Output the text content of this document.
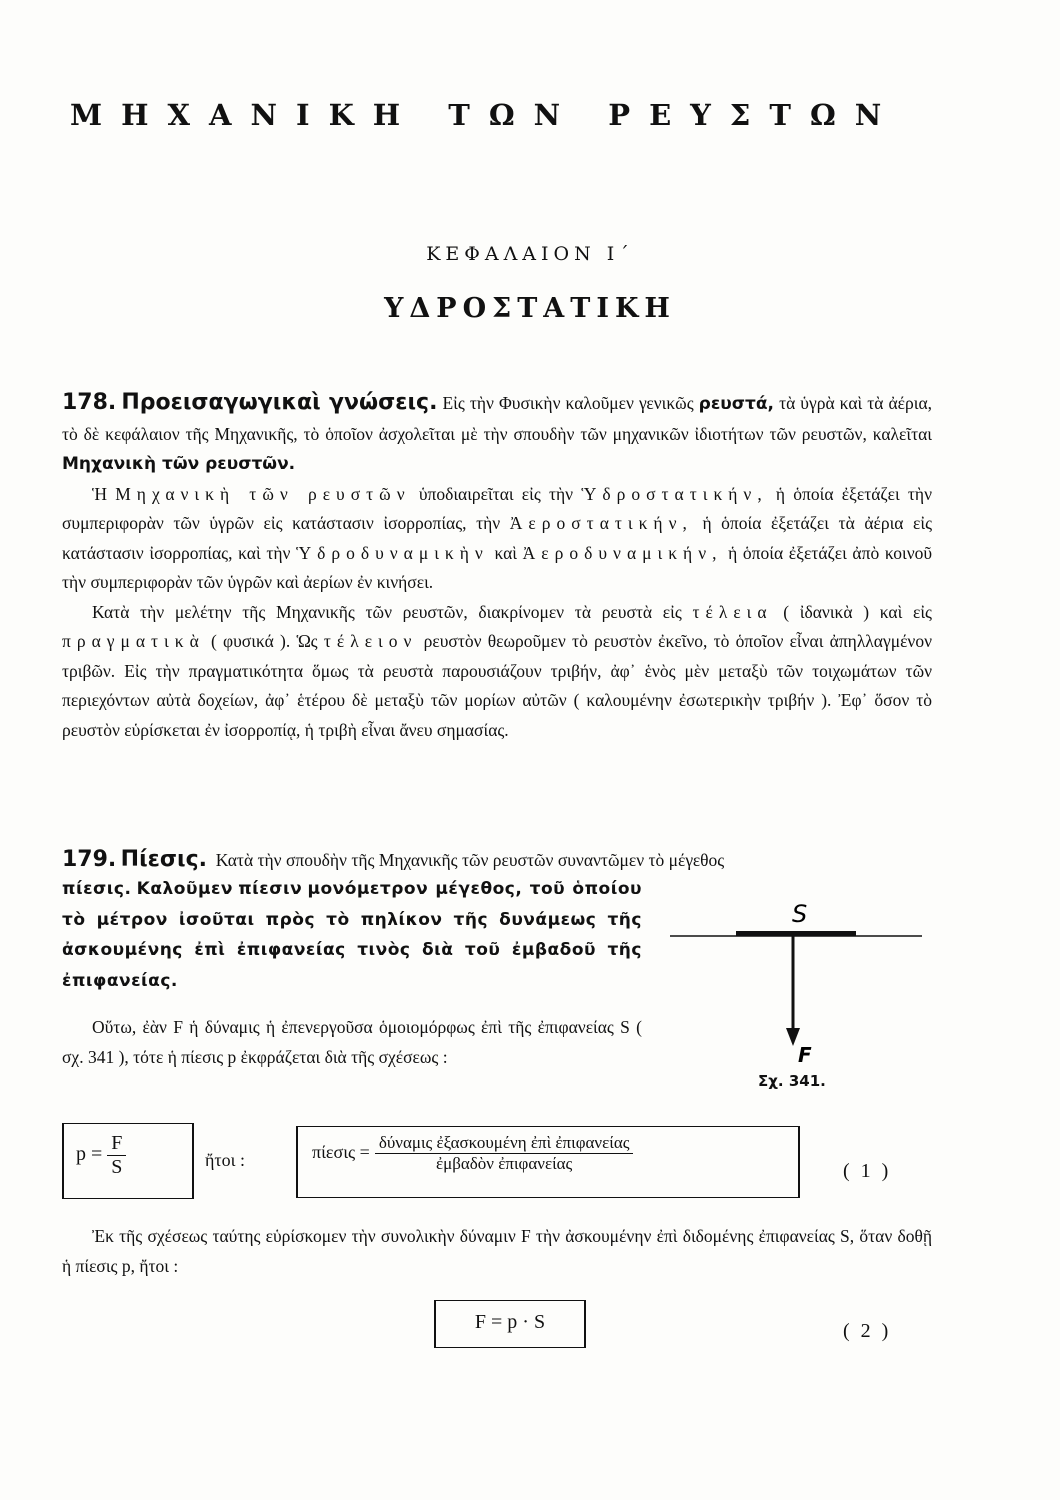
ΜΗΧΑΝΙΚΗ ΤΩΝ ΡΕΥΣΤΩΝ
ΚΕΦΑΛΑΙΟΝ Ι΄
ΥΔΡΟΣΤΑΤΙΚΗ

178. Προεισαγωγικαὶ γνώσεις. Εἰς τὴν Φυσικὴν καλοῦμεν γενικῶς ρευστά, τὰ ὑγρὰ καὶ τὰ ἀέρια, τὸ δὲ κεφάλαιον τῆς Μηχανικῆς, τὸ ὁποῖον ἀσχολεῖται μὲ τὴν σπουδὴν τῶν μηχανικῶν ἰδιοτήτων τῶν ρευστῶν, καλεῖται Μηχανικὴ τῶν ρευστῶν.

Ἡ Μηχανικὴ τῶν ρευστῶν ὑποδιαιρεῖται εἰς τὴν Ὑδροστατικήν, ἡ ὁποία ἐξετάζει τὴν συμπεριφορὰν τῶν ὑγρῶν εἰς κατάστασιν ἰσορροπίας, τὴν Ἀεροστατικήν, ἡ ὁποία ἐξετάζει τὰ ἀέρια εἰς κατάστασιν ἰσορροπίας, καὶ τὴν Ὑδροδυναμικὴν καὶ Ἀεροδυναμικήν, ἡ ὁποία ἐξετάζει ἀπὸ κοινοῦ τὴν συμπεριφορὰν τῶν ὑγρῶν καὶ ἀερίων ἐν κινήσει.

Κατὰ τὴν μελέτην τῆς Μηχανικῆς τῶν ρευστῶν, διακρίνομεν τὰ ρευστὰ εἰς τέλεια ( ἰδανικὰ ) καὶ εἰς πραγματικὰ ( φυσικά ). Ὡς τέλειον ρευστὸν θεωροῦμεν τὸ ρευστὸν ἐκεῖνο, τὸ ὁποῖον εἶναι ἀπηλλαγμένον τριβῶν. Εἰς τὴν πραγματικότητα ὅμως τὰ ρευστὰ παρουσιάζουν τριβήν, ἀφ᾽ ἑνὸς μὲν μεταξὺ τῶν τοιχωμάτων τῶν περιεχόντων αὐτὰ δοχείων, ἀφ᾽ ἑτέρου δὲ μεταξὺ τῶν μορίων αὐτῶν ( καλουμένην ἐσωτερικὴν τριβήν ). Ἐφ᾽ ὅσον τὸ ρευστὸν εὑρίσκεται ἐν ἰσορροπίᾳ, ἡ τριβὴ εἶναι ἄνευ σημασίας.

179. Πίεσις. Κατὰ τὴν σπουδὴν τῆς Μηχανικῆς τῶν ρευστῶν συναντῶμεν τὸ μέγεθος
πίεσις. Καλοῦμεν πίεσιν μονόμετρον μέγεθος, τοῦ ὁποίου τὸ μέτρον ἰσοῦται πρὸς τὸ πηλίκον τῆς δυνάμεως τῆς ἀσκουμένης ἐπὶ ἐπιφανείας τινὸς διὰ τοῦ ἐμβαδοῦ τῆς ἐπιφανείας.

Οὕτω, ἐὰν F ἡ δύναμις ἡ ἐπενεργοῦσα ὁμοιομόρφως ἐπὶ τῆς ἐπιφανείας S ( σχ. 341 ), τότε ἡ πίεσις p ἐκφράζεται διὰ τῆς σχέσεως :

S
F
Σχ. 341.
$p = \frac{F}{S}$	ἤτοι :	$\pi ί\varepsilon\sigma\iota\varsigma = \frac{\text{δύναμις ἐξασκουμένη ἐπὶ ἐπιφανείας}}{\text{ἐμβαδὸν ἐπιφανείας}}$	( 1 )

Ἐκ τῆς σχέσεως ταύτης εὑρίσκομεν τὴν συνολικὴν δύναμιν F τὴν ἀσκουμένην ἐπὶ διδομένης ἐπιφανείας S, ὅταν δοθῇ ἡ πίεσις p, ἤτοι :

F = p · S	( 2 )
